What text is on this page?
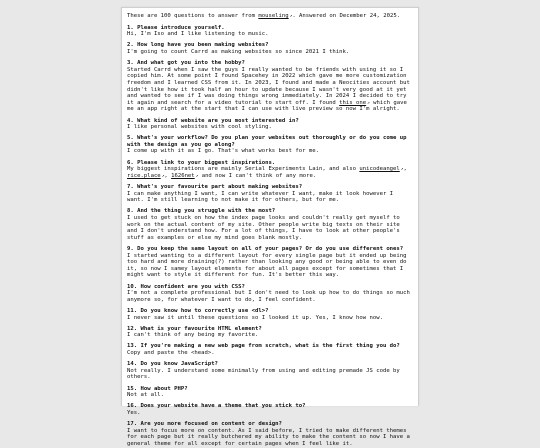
These are 100 questions to answer from mouseling↗. Answered on December 24, 2025.

1. Please introduce yourself.
Hi, I'm Iso and I like listening to music.
2. How long have you been making websites?
I'm going to count Carrd as making websites so since 2021 I think.
3. And what got you into the hobby?
Started Carrd when I saw the guys I really wanted to be friends with using it so I copied him. At some point I found Spacehey in 2022 which gave me more customization freedom and I learned CSS from it. In 2023, I found and made a Neocities account but didn't like how it took half an hour to update because I wasn't very good at it yet and wanted to see if I was doing things wrong immediately. In 2024 I decided to try it again and search for a video tutorial to start off. I found this one↗ which gave me an app right at the start that I can use with live preview so now I'm alright.
4. What kind of website are you most interested in?
I like personal websites with cool styling.
5. What's your workflow? Do you plan your websites out thoroughly or do you come up with the design as you go along?
I come up with it as I go. That's what works best for me.
6. Please link to your biggest inspirations.
My biggest inspirations are mainly Serial Experiments Lain, and also unicodeangel↗, rice.place↗, 1626net↗ and now I can't think of any more.
7. What's your favourite part about making websites?
I can make anything I want, I can write whatever I want, make it look however I want. I'm still learning to not make it for others, but for me.
8. And the thing you struggle with the most?
I used to get stuck on how the index page looks and couldn't really get myself to work on the actual content of my site. Other people write big texts on their site and I don't understand how. For a lot of things, I have to look at other people's stuff as examples or else my mind goes blank mostly.
9. Do you keep the same layout on all of your pages? Or do you use different ones?
I started wanting to a different layout for every single page but it ended up being too hard and more draining(?) rather than looking any good or being able to even do it, so now I samey layout elements for about all pages except for sometimes that I might want to style it different for fun. It's better this way.
10. How confident are you with CSS?
I'm not a complete professional but I don't need to look up how to do things so much anymore so, for whatever I want to do, I feel confident.
11. Do you know how to correctly use <dl>?
I never saw it until these questions so I looked it up. Yes, I know how now.
12. What is your favourite HTML element?
I can't think of any being my favorite.
13. If you're making a new web page from scratch, what is the first thing you do?
Copy and paste the <head>.
14. Do you know JavaScript?
Not really. I understand some minimally from using and editing premade JS code by others.
15. How about PHP?
Not at all.
16. Does your website have a theme that you stick to?
Yes.
17. Are you more focused on content or design?
I want to focus more on content. As I said before, I tried to make different themes for each page but it really butchered my ability to make the content so now I have a general theme for all except for certain pages when I feel like it.
